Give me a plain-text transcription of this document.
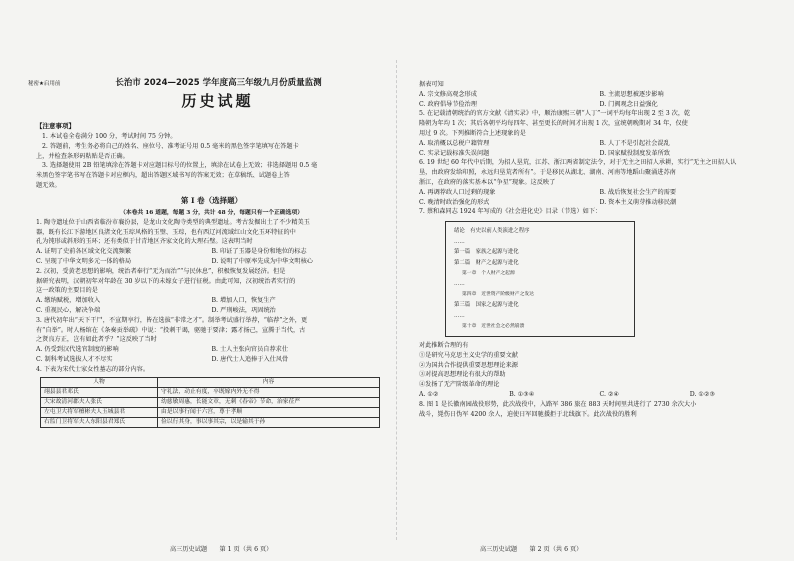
秘密★启用前	长治市 2024—2025 学年度高三年级九月份质量监测
历史试题
【注意事项】

1. 本试卷全卷满分 100 分，考试时间 75 分钟。

2. 答题前，考生务必将自己的姓名、座位号、准考证号用 0.5 毫米的黑色签字笔填写在答题卡

上，并检查条形码粘贴是否正确。

3. 选择题使用 2B 铅笔填涂在答题卡对应题目标号的位置上，填涂在试卷上无效；非选择题用 0.5 毫

米黑色签字笔书写在答题卡对应框内，超出答题区域书写的答案无效；在草稿纸、试题卷上答

题无效。

第 I 卷（选择题）
（本卷共 16 道题，每题 3 分，共计 48 分，每题只有一个正确选项）

1. 陶寺遗址位于山西省临汾市襄汾县，是龙山文化陶寺类型的典型遗址。考古发掘出土了不少精美玉

器，既有长江下游地区良渚文化玉琮风格的玉璧、玉琮，也有西辽河流域红山文化玉环特征的中

孔为钝形或斜形的玉环；还有类似于甘青地区齐家文化的大理石璧。这表明当时

A. 证明了史前各区域文化交流频繁	B. 印证了玉器是身份和地位的标志
C. 呈现了中华文明多元一体的格局	D. 说明了中原率先成为中华文明核心

2. 汉初，受黄老思想的影响，统治者奉行“无为而治”“与民休息”，积极恢复发展经济。但是

据研究表明，汉朝初年对年龄在 30 岁以下的未嫁女子进行征税。由此可知，汉初统治者实行的

这一政策的主要目的是

A. 缴纳赋税，增加收入	B. 增加人口，恢复生产
C. 重视民心，解决争端	D. 严刑峻法，巩固统治

3. 唐代初年出“天下干尸，不宣期享行，皆在选拔“非常之才”。制举考试盛行举荐，“临荐”之外，更

有“自举”。时人杨绾在《条奏贡举疏》中说：“投刺干谒，驱驰于要津；露才扬己，宣腾于当代，古

之贤良方正，岂有如此者乎？”这反映了当时

A. 仍受到汉代选官制度的影响	B. 士人主张向官员自荐求仕
C. 制科考试选拔人才不尽实	D. 唐代士人追捧于入仕风骨

4. 下表为宋代士家女性墓志的部分内容。

人物	内容
翊县县君邓氏	守礼法，动止有度，卒既嫁内外无不得
大宋故清河郡夫人张氏	幼慈敏周惠，长能文章，无刺《春帝》节命，治家莅严
左屯卫大将军檀彬夫人玉城县君	由是以事行闻于六宫，尊于孝顺
右监门卫将军夫人东阳县君郑氏	俭以行其身，事以事其宗，以是输其于孙

据表可知

A. 宗文修高观念形成	B. 主流思想被逐步影响
C. 政府倡导节俭治理	D. 门阀观念日益强化

5. 在记载清朝统治的官方文献《清实录》中，顺治康熙三朝“人丁”一词平均每年出现 2 至 3 次，乾

隆朝为年均 1 次；其后各朝平均每四年、甚至更长的时间才出现 1 次，宣统朝晚期对 34 年，仅使

用过 9 次。下列推断符合上述现象的是

A. 取消概以总税户籍管理	B. 人丁不是引起社会混乱
C. 实录记载标准失误问题	D. 国家赋役制度发革所致

6. 19 世纪 60 年代中后期，为招人垦荒，江苏、浙江两省制定法令，对于无主之田招人承耕，实行“无主之田招人认

垦，由政府发给印照，永远归垦荒者所有”。于是移民从湖北、湖南、河南等地蹈山聚涌进苏南

浙江，在政府的落实基本以“争星”现象。这反映了

A. 再调荐政人口过剩的现象	B. 战后恢复社会生产的需要
C. 晚清时政治强化的形式	D. 资本主义萌芽推动移民潮

7. 蔡和森同志 1924 年写成的《社会进化史》目录（节选）如下：

绪论　有史以前人类演进之程序

……

第一篇　家族之起源与进化

第二篇　财产之起源与进化

第一章　个人财产之起源

……

第四章　近世资产阶级财产之发达

第三篇　国家之起源与进化

……

第十章　近世社会之必然崩溃

对此推断合理的有

①是研究马克思主义史学的重要文献

②为国共合作提供重要思想理论来源

③对提高思想理论有很大的帮助

④发扬了无产阶级革命的理论

A. ①②	B. ①③④	C. ②④	D. ①②③

8. 图 1 是长徽南园战役形势，此次战役中，入路军 386 旅在 883 天时间里共进行了 2730 余次大小

战斗，毙伤日伪军 4200 余人，迫使日军回驰援拒于北线旗下。此次战役的胜利

高三历史试题　　第 1 页（共 6 页）	高三历史试题　　第 2 页（共 6 页）
